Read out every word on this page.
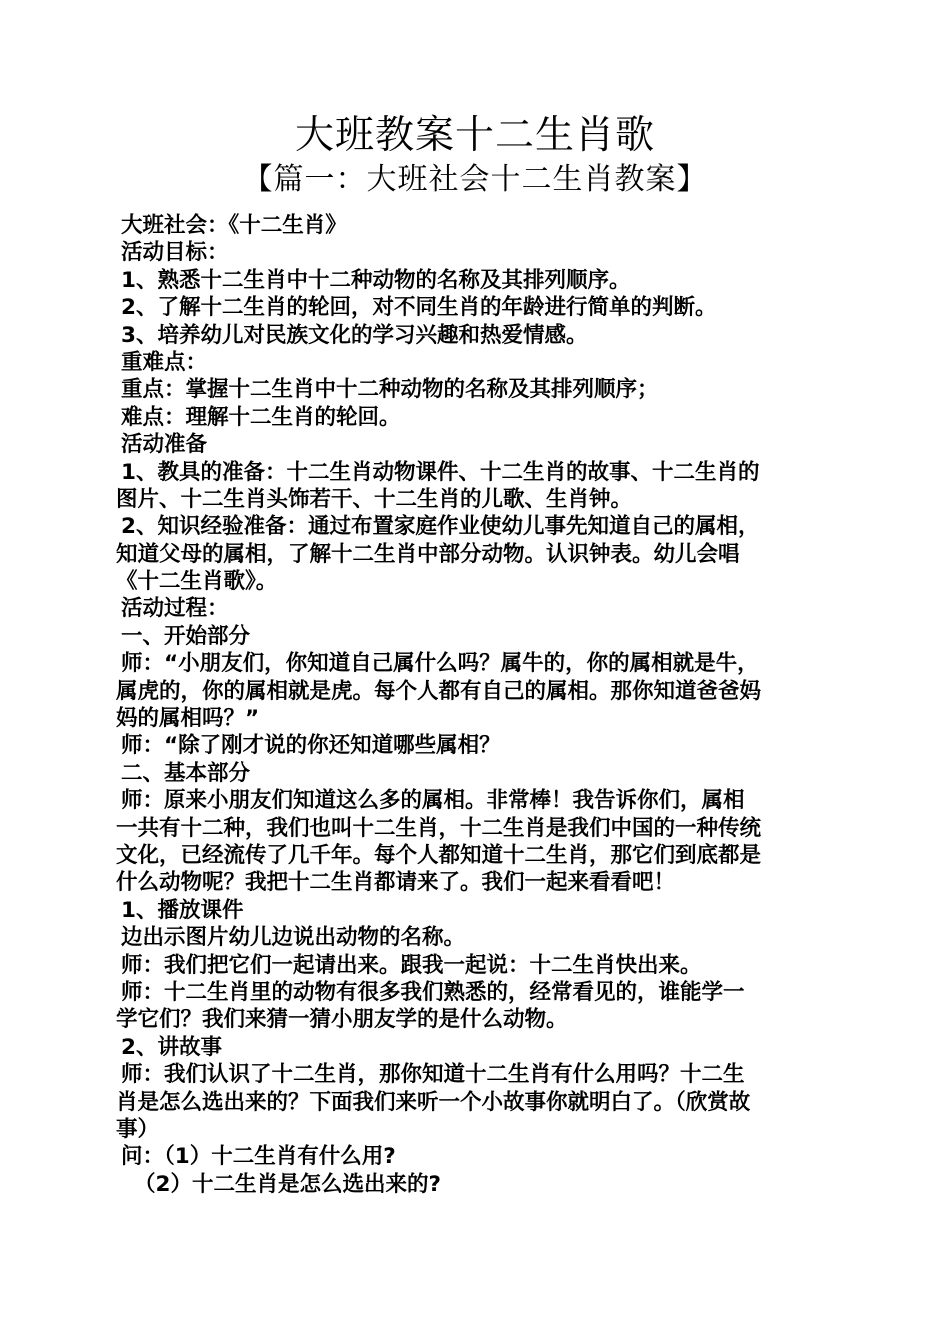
大班教案十二生肖歌
【篇一：大班社会十二生肖教案】
大班社会：《十二生肖》
活动目标：
1、熟悉十二生肖中十二种动物的名称及其排列顺序。
2、了解十二生肖的轮回，对不同生肖的年龄进行简单的判断。
3、培养幼儿对民族文化的学习兴趣和热爱情感。
重难点：
重点：掌握十二生肖中十二种动物的名称及其排列顺序；
难点：理解十二生肖的轮回。
活动准备
1、教具的准备：十二生肖动物课件、十二生肖的故事、十二生肖的
图片、十二生肖头饰若干、十二生肖的儿歌、生肖钟。
2、知识经验准备：通过布置家庭作业使幼儿事先知道自己的属相，
知道父母的属相，了解十二生肖中部分动物。认识钟表。幼儿会唱
《十二生肖歌》。
活动过程：
一、开始部分
师：“小朋友们，你知道自己属什么吗？属牛的，你的属相就是牛，
属虎的，你的属相就是虎。每个人都有自己的属相。那你知道爸爸妈
妈的属相吗？”
师：“除了刚才说的你还知道哪些属相？
二、基本部分
师：原来小朋友们知道这么多的属相。非常棒！我告诉你们，属相
一共有十二种，我们也叫十二生肖，十二生肖是我们中国的一种传统
文化，已经流传了几千年。每个人都知道十二生肖，那它们到底都是
什么动物呢？我把十二生肖都请来了。我们一起来看看吧！
1、播放课件
边出示图片幼儿边说出动物的名称。
师：我们把它们一起请出来。跟我一起说：十二生肖快出来。
师：十二生肖里的动物有很多我们熟悉的，经常看见的，谁能学一
学它们？我们来猜一猜小朋友学的是什么动物。
2、讲故事
师：我们认识了十二生肖，那你知道十二生肖有什么用吗？十二生
肖是怎么选出来的？下面我们来听一个小故事你就明白了。（欣赏故
事）
问：（1）十二生肖有什么用?
（2）十二生肖是怎么选出来的?
